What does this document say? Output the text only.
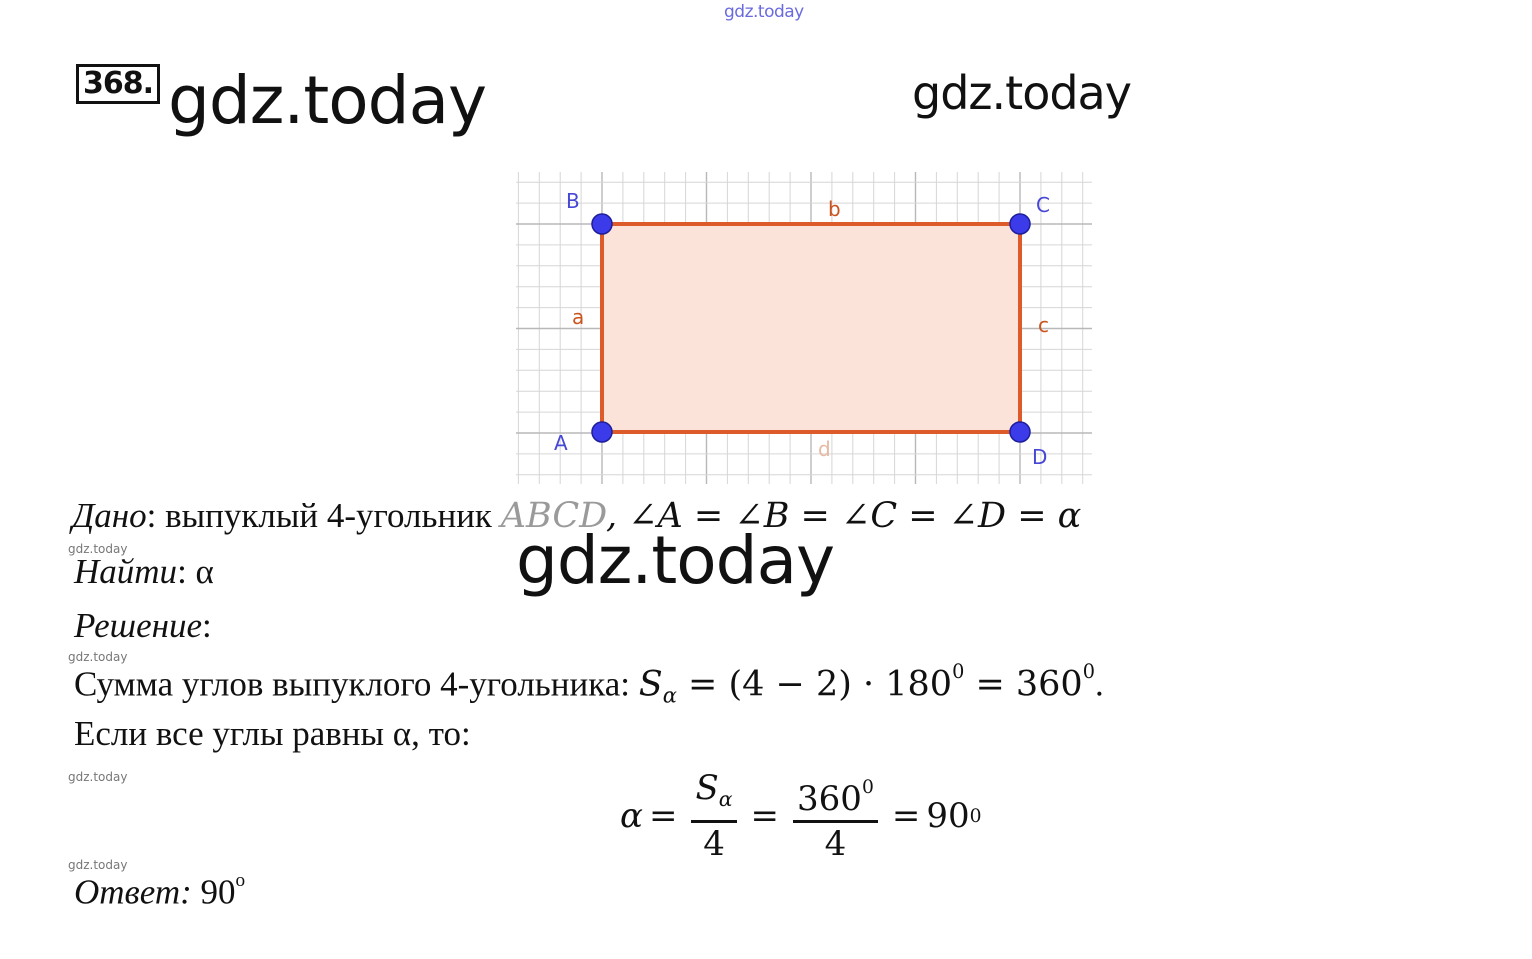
gdz.today
gdz.today	gdz.today
368.
B	C
A
D
b
a	c
d
Дано: выпуклый 4-угольник ABCD, ∠A = ∠B = ∠C = ∠D = α
gdz.today
Найти: α	gdz.today
Решение:
gdz.today
Сумма углов выпуклого 4-угольника: $S_\alpha = (4 - 2) \cdot 180^0 = 360^0$.
Если все углы равны α, то:
gdz.today
$\alpha = \frac{S_\alpha}{4} = \frac{360^0}{4} = 90$ 0
gdz.today
Ответ: 90$^o$
